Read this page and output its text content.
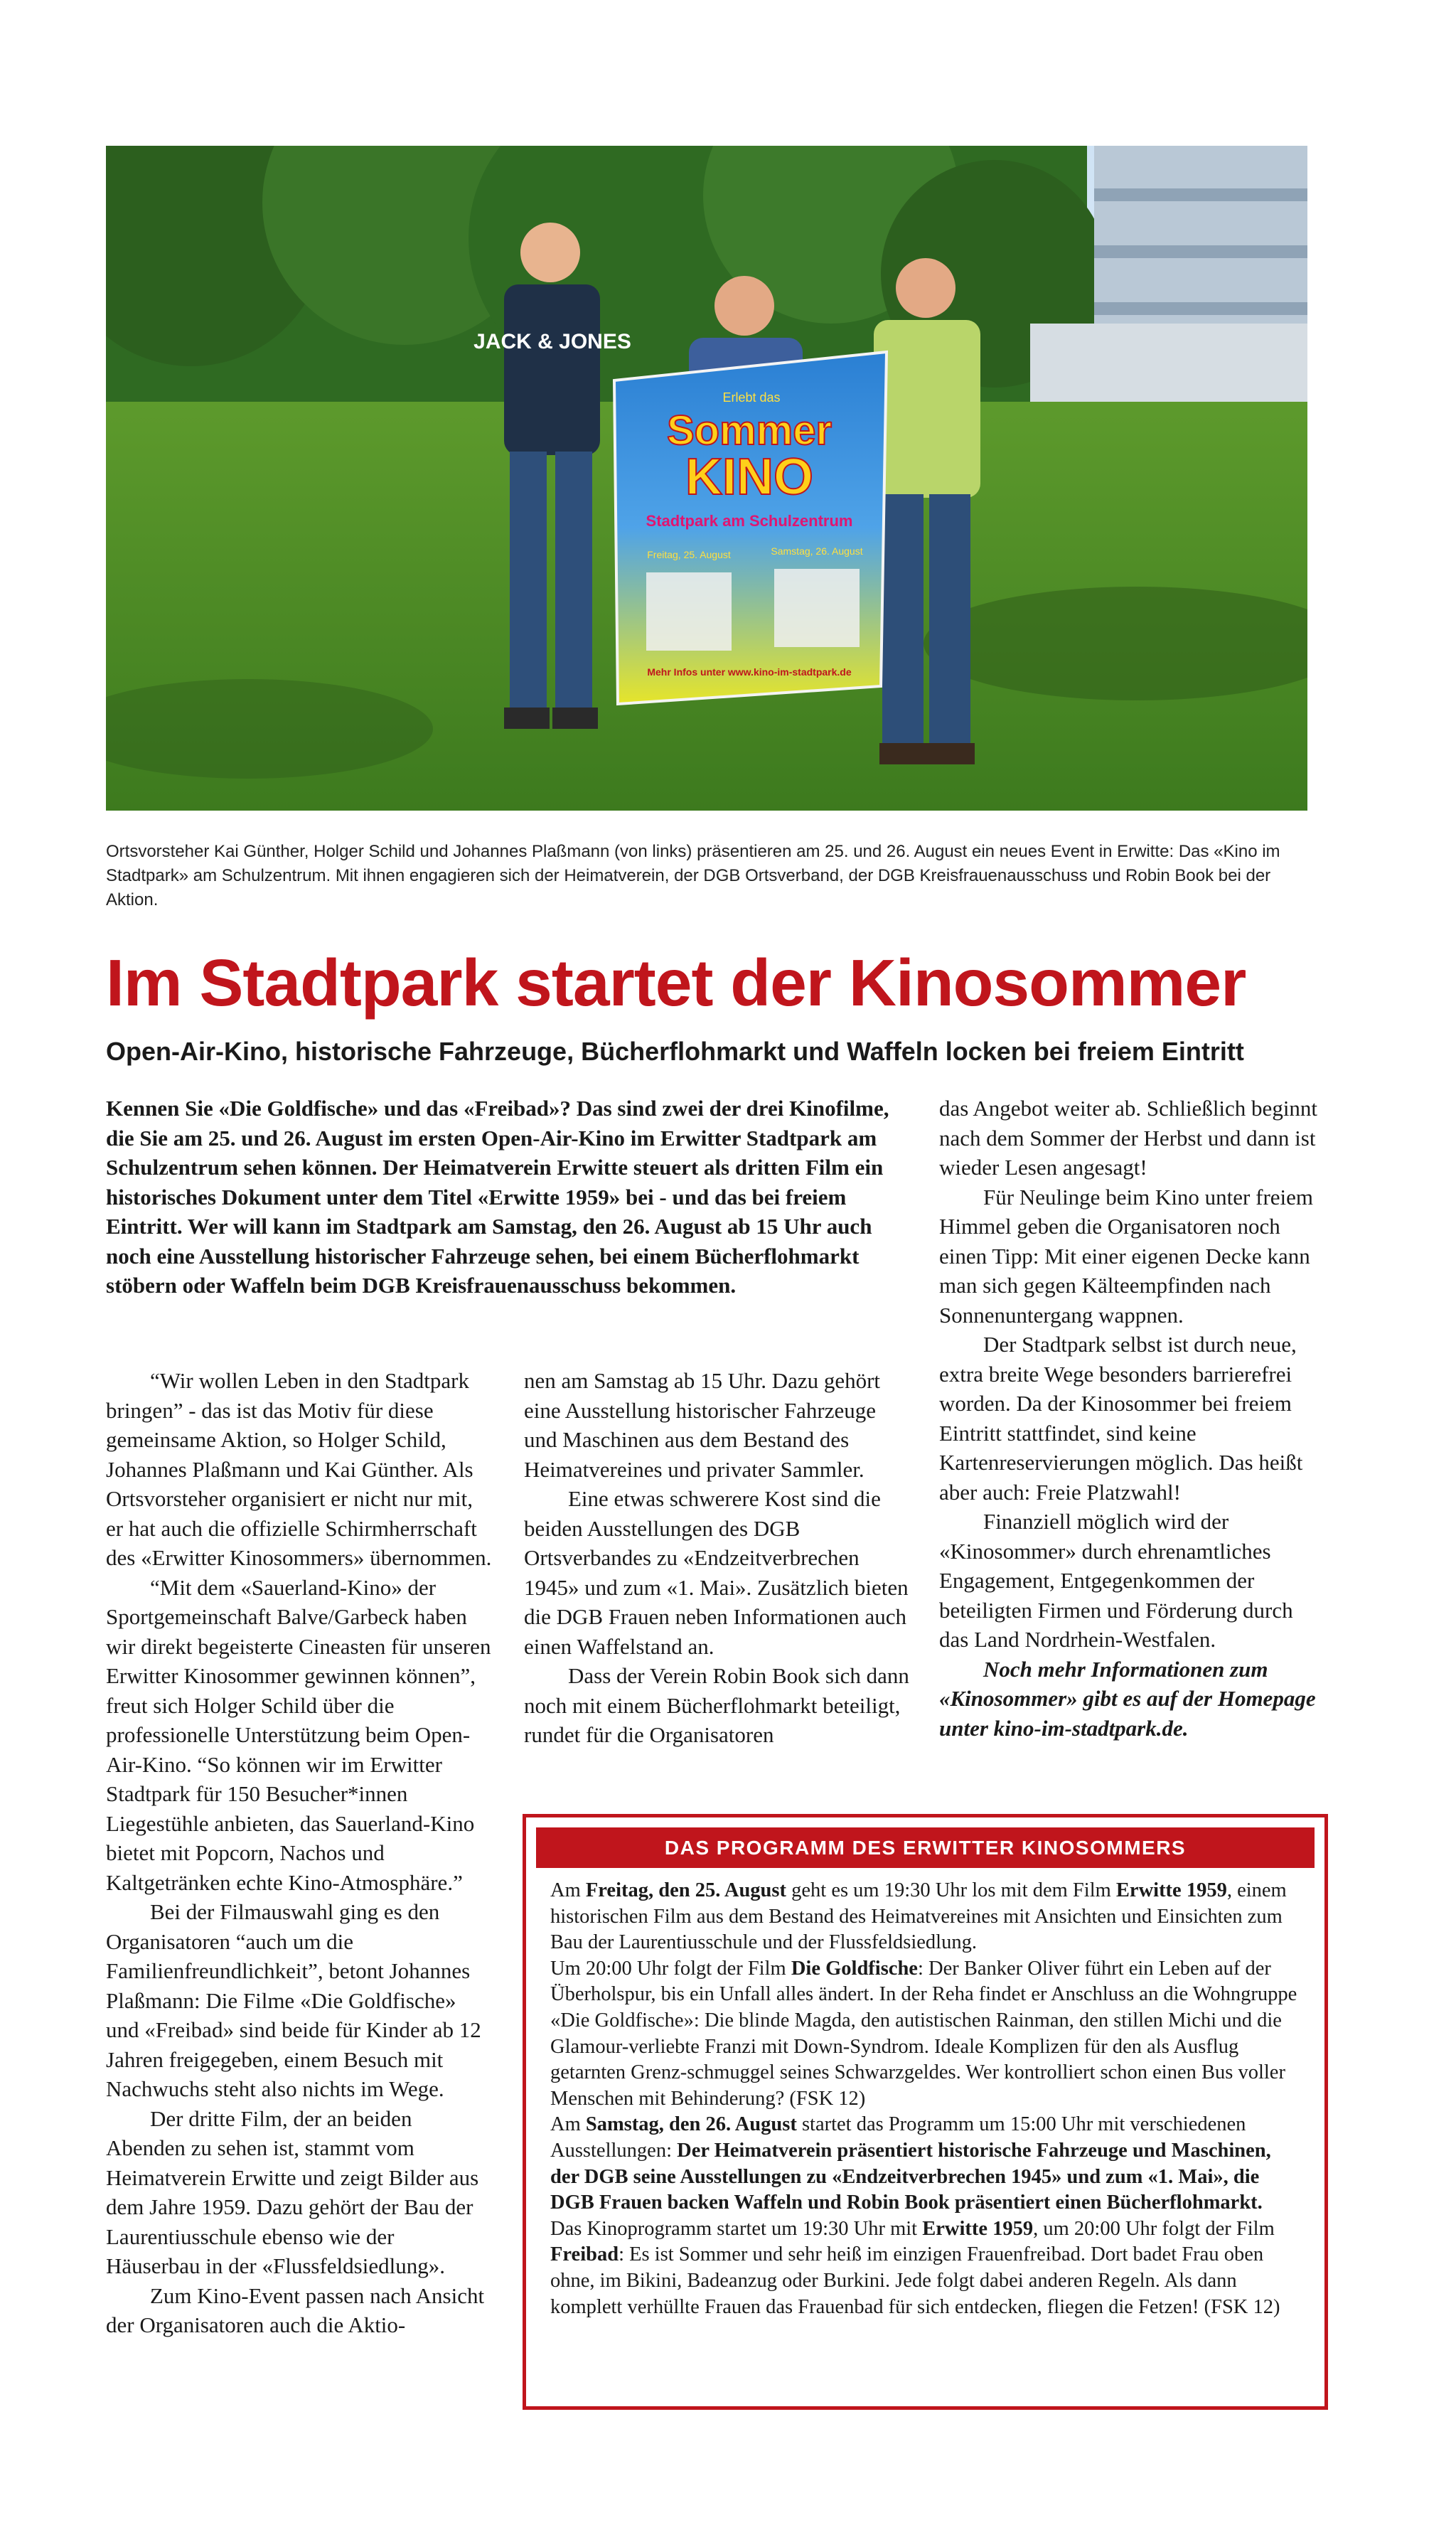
JACK & JONES
Erlebt das
Sommer
KINO
Stadtpark am Schulzentrum
Freitag, 25. August	Samstag, 26. August
Mehr Infos unter www.kino-im-stadtpark.de
Ortsvorsteher Kai Günther, Holger Schild und Johannes Plaßmann (von links) präsentieren am 25. und 26. August ein neues Event in Erwitte: Das «Kino im Stadtpark» am Schulzentrum. Mit ihnen engagieren sich der Heimatverein, der DGB Ortsverband, der DGB Kreisfrauenausschuss und Robin Book bei der Aktion.
Im Stadtpark startet der Kinosommer
Open-Air-Kino, historische Fahrzeuge, Bücherflohmarkt und Waffeln locken bei freiem Eintritt
Kennen Sie «Die Goldfische» und das «Freibad»? Das sind zwei der drei Kinofilme, die Sie am 25. und 26. August im ersten Open-Air-Kino im Erwitter Stadtpark am Schulzentrum sehen können. Der Heimatverein Erwitte steuert als dritten Film ein historisches Dokument unter dem Titel «Erwitte 1959» bei - und das bei freiem Eintritt. Wer will kann im Stadtpark am Samstag, den 26. August ab 15 Uhr auch noch eine Ausstellung historischer Fahrzeuge sehen, bei einem Bücherflohmarkt stöbern oder Waffeln beim DGB Kreisfrauenausschuss bekommen.

“Wir wollen Leben in den Stadtpark bringen” - das ist das Motiv für diese gemeinsame Aktion, so Holger Schild, Johannes Plaßmann und Kai Günther. Als Ortsvorsteher organisiert er nicht nur mit, er hat auch die offizielle Schirmherrschaft des «Erwitter Kinosommers» übernommen.

“Mit dem «Sauerland-Kino» der Sportgemeinschaft Balve/Garbeck haben wir direkt begeisterte Cineasten für unseren Erwitter Kinosommer gewinnen können”, freut sich Holger Schild über die professionelle Unterstützung beim Open-Air-Kino. “So können wir im Erwitter Stadtpark für 150 Besucher*innen Liegestühle anbieten, das Sauerland-Kino bietet mit Popcorn, Nachos und Kaltgetränken echte Kino-Atmosphäre.”

Bei der Filmauswahl ging es den Organisatoren “auch um die Familienfreundlichkeit”, betont Johannes Plaßmann: Die Filme «Die Goldfische» und «Freibad» sind beide für Kinder ab 12 Jahren freigegeben, einem Besuch mit Nachwuchs steht also nichts im Wege.

Der dritte Film, der an beiden Abenden zu sehen ist, stammt vom Heimatverein Erwitte und zeigt Bilder aus dem Jahre 1959. Dazu gehört der Bau der Laurentiusschule ebenso wie der Häuserbau in der «Flussfeldsiedlung».

Zum Kino-Event passen nach Ansicht der Organisatoren auch die Aktio-

nen am Samstag ab 15 Uhr. Dazu gehört eine Ausstellung historischer Fahrzeuge und Maschinen aus dem Bestand des Heimatvereines und privater Sammler.

Eine etwas schwerere Kost sind die beiden Ausstellungen des DGB Ortsverbandes zu «Endzeitverbrechen 1945» und zum «1. Mai». Zusätzlich bieten die DGB Frauen neben Informationen auch einen Waffelstand an.

Dass der Verein Robin Book sich dann noch mit einem Bücherflohmarkt beteiligt, rundet für die Organisatoren

das Angebot weiter ab. Schließlich beginnt nach dem Sommer der Herbst und dann ist wieder Lesen angesagt!

Für Neulinge beim Kino unter freiem Himmel geben die Organisatoren noch einen Tipp: Mit einer eigenen Decke kann man sich gegen Kälteempfinden nach Sonnenuntergang wappnen.

Der Stadtpark selbst ist durch neue, extra breite Wege besonders barrierefrei worden. Da der Kinosommer bei freiem Eintritt stattfindet, sind keine Kartenreservierungen möglich. Das heißt aber auch: Freie Platzwahl!

Finanziell möglich wird der «Kinosommer» durch ehrenamtliches Engagement, Entgegenkommen der beteiligten Firmen und Förderung durch das Land Nordrhein-Westfalen.

Noch mehr Informationen zum «Kinosommer» gibt es auf der Homepage unter kino-im-stadtpark.de.

DAS PROGRAMM DES ERWITTER KINOSOMMERS

Am Freitag, den 25. August geht es um 19:30 Uhr los mit dem Film Erwitte 1959, einem historischen Film aus dem Bestand des Heimatvereines mit Ansichten und Einsichten zum Bau der Laurentiusschule und der Flussfeldsiedlung.

Um 20:00 Uhr folgt der Film Die Goldfische: Der Banker Oliver führt ein Leben auf der Überholspur, bis ein Unfall alles ändert. In der Reha findet er Anschluss an die Wohngruppe «Die Goldfische»: Die blinde Magda, den autistischen Rainman, den stillen Michi und die Glamour-verliebte Franzi mit Down-Syndrom. Ideale Komplizen für den als Ausflug getarnten Grenz-schmuggel seines Schwarzgeldes. Wer kontrolliert schon einen Bus voller Menschen mit Behinderung? (FSK 12)

Am Samstag, den 26. August startet das Programm um 15:00 Uhr mit verschiedenen Ausstellungen: Der Heimatverein präsentiert historische Fahrzeuge und Maschinen, der DGB seine Ausstellungen zu «Endzeitverbrechen 1945» und zum «1. Mai», die DGB Frauen backen Waffeln und Robin Book präsentiert einen Bücherflohmarkt.

Das Kinoprogramm startet um 19:30 Uhr mit Erwitte 1959, um 20:00 Uhr folgt der Film Freibad: Es ist Sommer und sehr heiß im einzigen Frauenfreibad. Dort badet Frau oben ohne, im Bikini, Badeanzug oder Burkini. Jede folgt dabei anderen Regeln. Als dann komplett verhüllte Frauen das Frauenbad für sich entdecken, fliegen die Fetzen! (FSK 12)
